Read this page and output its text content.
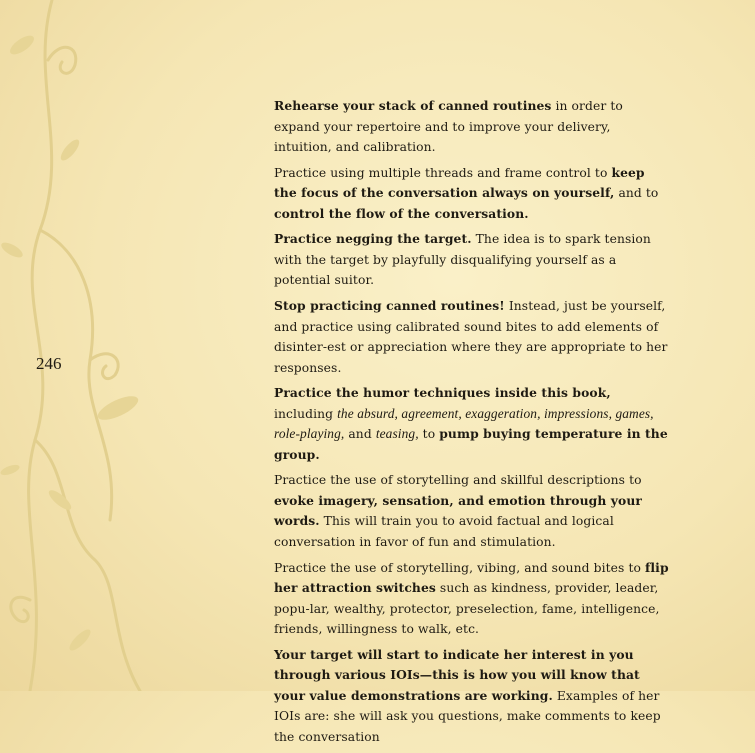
246

Rehearse your stack of canned routines in order to expand your repertoire and to improve your delivery, intuition, and calibration.

Practice using multiple threads and frame control to keep the focus of the conversation always on yourself, and to control the flow of the conversation.

Practice negging the target. The idea is to spark tension with the target by playfully disqualifying yourself as a potential suitor.

Stop practicing canned routines! Instead, just be yourself, and practice using calibrated sound bites to add elements of disinter-est or appreciation where they are appropriate to her responses.

Practice the humor techniques inside this book, including the absurd, agreement, exaggeration, impressions, games, role-playing, and teasing, to pump buying temperature in the group.

Practice the use of storytelling and skillful descriptions to evoke imagery, sensation, and emotion through your words. This will train you to avoid factual and logical conversation in favor of fun and stimulation.

Practice the use of storytelling, vibing, and sound bites to flip her attraction switches such as kindness, provider, leader, popu-lar, wealthy, protector, preselection, fame, intelligence, friends, willingness to walk, etc.

Your target will start to indicate her interest in you through various IOIs—this is how you will know that your value demonstrations are working. Examples of her IOIs are: she will ask you questions, make comments to keep the conversation
